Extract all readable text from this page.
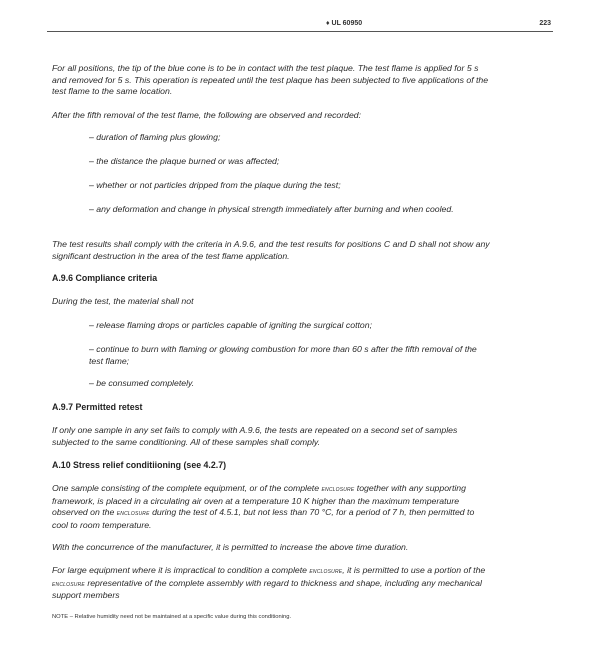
♦ UL 60950	223
For all positions, the tip of the blue cone is to be in contact with the test plaque. The test flame is applied for 5 s and removed for 5 s. This operation is repeated until the test plaque has been subjected to five applications of the test flame to the same location.
After the fifth removal of the test flame, the following are observed and recorded:
– duration of flaming plus glowing;
– the distance the plaque burned or was affected;
– whether or not particles dripped from the plaque during the test;
– any deformation and change in physical strength immediately after burning and when cooled.
The test results shall comply with the criteria in A.9.6, and the test results for positions C and D shall not show any significant destruction in the area of the test flame application.
A.9.6 Compliance criteria
During the test, the material shall not
– release flaming drops or particles capable of igniting the surgical cotton;
– continue to burn with flaming or glowing combustion for more than 60 s after the fifth removal of the test flame;
– be consumed completely.
A.9.7 Permitted retest
If only one sample in any set fails to comply with A.9.6, the tests are repeated on a second set of samples subjected to the same conditioning. All of these samples shall comply.
A.10 Stress relief conditiioning (see 4.2.7)
One sample consisting of the complete equipment, or of the complete enclosure together with any supporting framework, is placed in a circulating air oven at a temperature 10 K higher than the maximum temperature observed on the enclosure during the test of 4.5.1, but not less than 70 °C, for a period of 7 h, then permitted to cool to room temperature.
With the concurrence of the manufacturer, it is permitted to increase the above time duration.
For large equipment where it is impractical to condition a complete enclosure, it is permitted to use a portion of the enclosure representative of the complete assembly with regard to thickness and shape, including any mechanical support members
NOTE – Relative humidity need not be maintained at a specific value during this conditioning.
